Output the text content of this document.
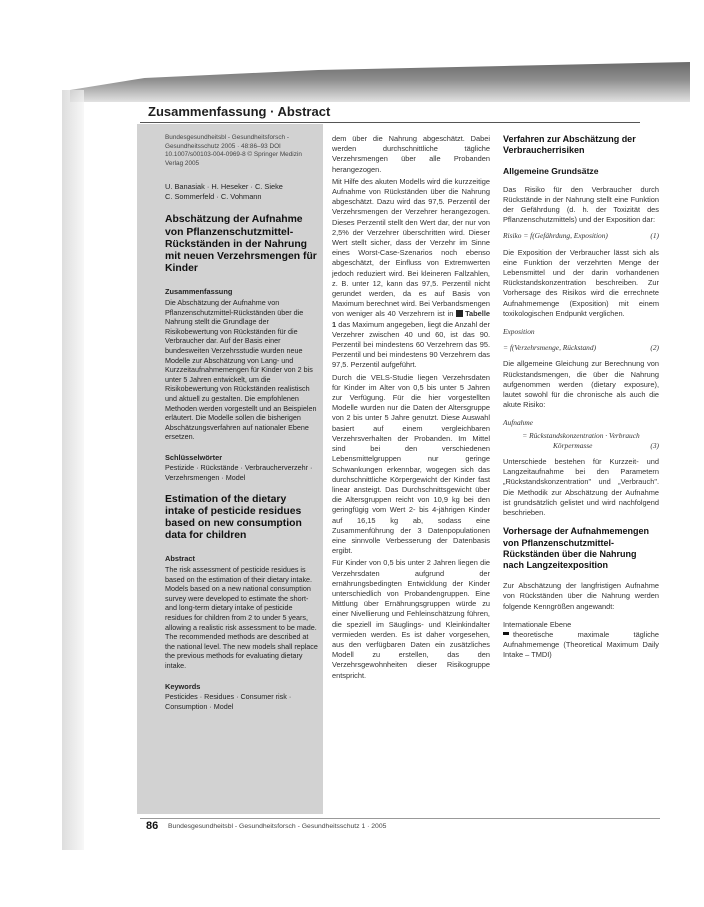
Zusammenfassung · Abstract

Bundesgesundheitsbl - Gesundheitsforsch - Gesundheitsschutz 2005 · 48:86–93 DOI 10.1007/s00103-004-0969-8 © Springer Medizin Verlag 2005

U. Banasiak · H. Heseker · C. Sieke
C. Sommerfeld · C. Vohmann

Abschätzung der Aufnahme von Pflanzenschutzmittel-Rückständen in der Nahrung mit neuen Verzehrsmengen für Kinder

Zusammenfassung

Die Abschätzung der Aufnahme von Pflanzenschutzmittel-Rückständen über die Nahrung stellt die Grundlage der Risikobewertung von Rückständen für die Verbraucher dar. Auf der Basis einer bundesweiten Verzehrsstudie wurden neue Modelle zur Abschätzung von Lang- und Kurzzeitaufnahmemengen für Kinder von 2 bis unter 5 Jahren entwickelt, um die Risikobewertung von Rückständen realistisch und aktuell zu gestalten. Die empfohlenen Methoden werden vorgestellt und an Beispielen erläutert. Die Modelle sollen die bisherigen Abschätzungsverfahren auf nationaler Ebene ersetzen.

Schlüsselwörter

Pestizide · Rückstände · Verbraucherverzehr · Verzehrsmengen · Model

Estimation of the dietary intake of pesticide residues based on new consumption data for children

Abstract

The risk assessment of pesticide residues is based on the estimation of their dietary intake. Models based on a new national consumption survey were developed to estimate the short- and long-term dietary intake of pesticide residues for children from 2 to under 5 years, allowing a realistic risk assessment to be made. The recommended methods are described at the national level. The new models shall replace the previous methods for evaluating dietary intake.

Keywords

Pesticides · Residues · Consumer risk · Consumption · Model

dem über die Nahrung abgeschätzt. Dabei werden durchschnittliche tägliche Verzehrsmengen über alle Probanden herangezogen.

Mit Hilfe des akuten Modells wird die kurzzeitige Aufnahme von Rückständen über die Nahrung abgeschätzt. Dazu wird das 97,5. Perzentil der Verzehrsmengen der Verzehrer herangezogen. Dieses Perzentil stellt den Wert dar, der nur von 2,5% der Verzehrer überschritten wird. Dieser Wert stellt sicher, dass der Verzehr im Sinne eines Worst-Case-Szenarios noch ebenso abgeschätzt, der Einfluss von Extremwerten jedoch reduziert wird. Bei kleineren Fallzahlen, z. B. unter 12, kann das 97,5. Perzentil nicht gerundet werden, da es auf Basis von Maximum berechnet wird. Bei Verbandsmengen von weniger als 40 Verzehrern ist in Tabelle 1 das Maximum angegeben, liegt die Anzahl der Verzehrer zwischen 40 und 60, ist das 90. Perzentil bei mindestens 60 Verzehrern das 95. Perzentil und bei mindestens 90 Verzehrern das 97,5. Perzentil aufgeführt.

Durch die VELS-Studie liegen Verzehrsdaten für Kinder im Alter von 0,5 bis unter 5 Jahren zur Verfügung. Für die hier vorgestellten Modelle wurden nur die Daten der Altersgruppe von 2 bis unter 5 Jahre genutzt. Diese Auswahl basiert auf einem vergleichbaren Verzehrsverhalten der Probanden. Im Mittel sind bei den verschiedenen Lebensmittelgruppen nur geringe Schwankungen erkennbar, wogegen sich das durchschnittliche Körpergewicht der Kinder fast linear ansteigt. Das Durchschnittsgewicht über die Altersgruppen reicht von 10,9 kg bei den geringfügig vom Wert 2- bis 4-jährigen Kinder auf 16,15 kg ab, sodass eine Zusammenführung der 3 Datenpopulationen eine sinnvolle Verbesserung der Datenbasis ergibt.

Für Kinder von 0,5 bis unter 2 Jahren liegen die Verzehrsdaten aufgrund der ernährungsbedingten Entwicklung der Kinder unterschiedlich von Probandengruppen. Eine Mittlung über Ernährungsgruppen würde zu einer Nivellierung und Fehleinschätzung führen, die speziell im Säuglings- und Kleinkindalter vermieden werden. Es ist daher vorgesehen, aus den verfügbaren Daten ein zusätzliches Modell zu erstellen, das den Verzehrsgewohnheiten dieser Risikogruppe entspricht.

Verfahren zur Abschätzung der Verbraucherrisiken

Allgemeine Grundsätze

Das Risiko für den Verbraucher durch Rückstände in der Nahrung stellt eine Funktion der Gefährdung (d. h. der Toxizität des Pflanzenschutzmittels) und der Exposition dar:

Risiko = f(Gefährdung, Exposition)	(1)

Die Exposition der Verbraucher lässt sich als eine Funktion der verzehrten Menge der Lebensmittel und der darin vorhandenen Rückstandskonzentration beschreiben. Zur Vorhersage des Risikos wird die errechnete Aufnahmemenge (Exposition) mit einem toxikologischen Endpunkt verglichen.

Exposition

= f(Verzehrsmenge, Rückstand)	(2)

Die allgemeine Gleichung zur Berechnung von Rückstandsmengen, die über die Nahrung aufgenommen werden (dietary exposure), lautet sowohl für die chronische als auch die akute Risiko:

Aufnahme

= Rückstandskonzentration · Verbrauch

Körpermasse	(3)

Unterschiede bestehen für Kurzzeit- und Langzeitaufnahme bei den Parametern „Rückstandskonzentration" und „Verbrauch". Die Methodik zur Abschätzung der Aufnahme ist grundsätzlich gelistet und wird nachfolgend beschrieben.

Vorhersage der Aufnahmemengen von Pflanzenschutzmittel-Rückständen über die Nahrung nach Langzeitexposition

Zur Abschätzung der langfristigen Aufnahme von Rückständen über die Nahrung werden folgende Kenngrößen angewandt:

Internationale Ebene

theoretische maximale tägliche Aufnahmemenge (Theoretical Maximum Daily Intake – TMDI)

86 Bundesgesundheitsbl - Gesundheitsforsch - Gesundheitsschutz 1 · 2005
